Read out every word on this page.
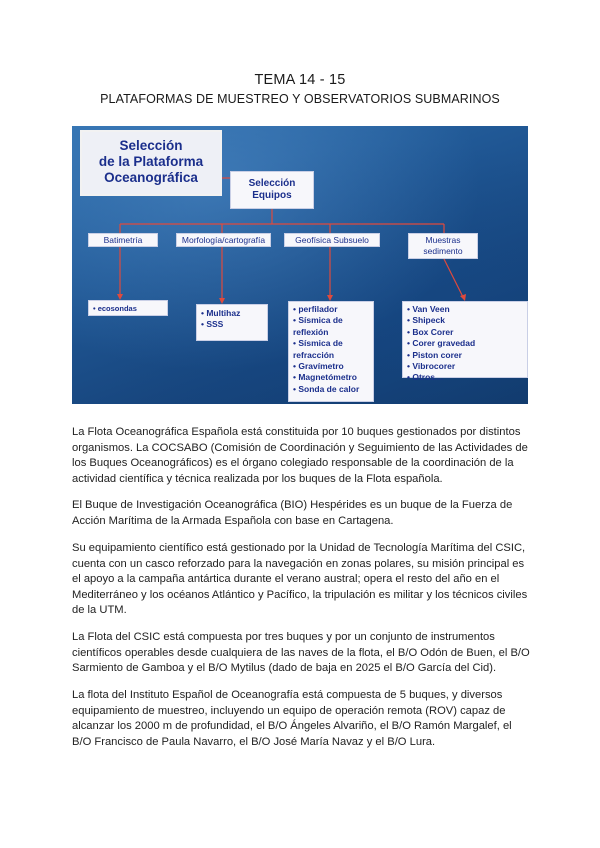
TEMA 14 - 15

PLATAFORMAS DE MUESTREO Y OBSERVATORIOS SUBMARINOS

Selección
de la Plataforma
Oceanográfica	Selección
Equipos
Batimetría	Morfología/cartografía	Geofísica Subsuelo	Muestras
sedimento
• ecosondas	• Multihaz
• SSS
• perfilador
• Sísmica de
reflexión
• Sísmica de
refracción
• Gravímetro
• Magnetómetro
• Sonda de calor
• Van Veen
• Shipeck
• Box Corer
• Corer gravedad
• Piston corer
• Vibrocorer
• Otros…

La Flota Oceanográfica Española está constituida por 10 buques gestionados por distintos organismos. La COCSABO (Comisión de Coordinación y Seguimiento de las Actividades de los Buques Oceanográficos) es el órgano colegiado responsable de la coordinación de la actividad científica y técnica realizada por los buques de la Flota española.

El Buque de Investigación Oceanográfica (BIO) Hespérides es un buque de la Fuerza de Acción Marítima de la Armada Española con base en Cartagena.

Su equipamiento científico está gestionado por la Unidad de Tecnología Marítima del CSIC, cuenta con un casco reforzado para la navegación en zonas polares, su misión principal es el apoyo a la campaña antártica durante el verano austral; opera el resto del año en el Mediterráneo y los océanos Atlántico y Pacífico, la tripulación es militar y los técnicos civiles de la UTM.

La Flota del CSIC está compuesta por tres buques y por un conjunto de instrumentos científicos operables desde cualquiera de las naves de la flota, el B/O Odón de Buen, el B/O Sarmiento de Gamboa y el B/O Mytilus (dado de baja en 2025 el B/O García del Cid).

La flota del Instituto Español de Oceanografía está compuesta de 5 buques, y diversos equipamiento de muestreo, incluyendo un equipo de operación remota (ROV) capaz de alcanzar los 2000 m de profundidad, el B/O Ángeles Alvariño, el B/O Ramón Margalef, el B/O Francisco de Paula Navarro, el B/O José María Navaz y el B/O Lura.
